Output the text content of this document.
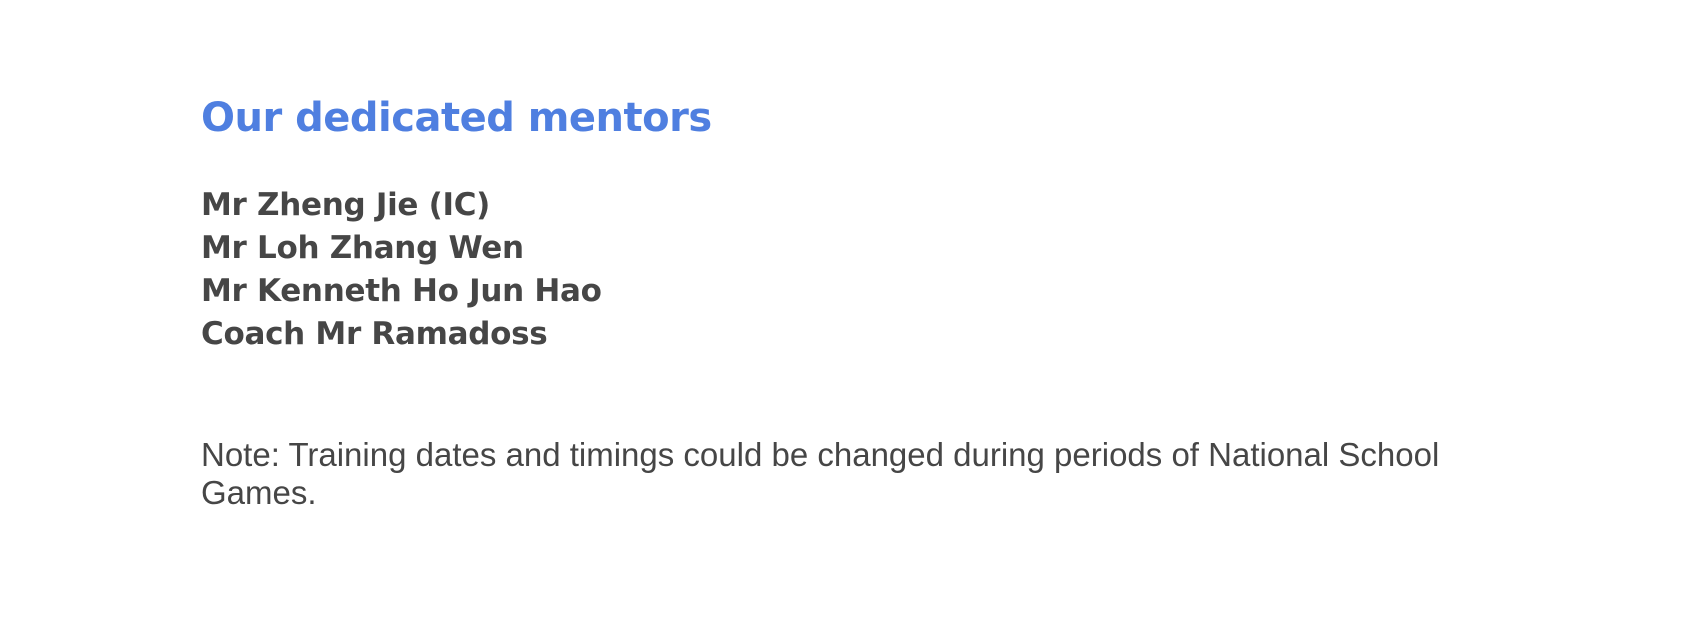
Our dedicated mentors
Mr Zheng Jie (IC)
Mr Loh Zhang Wen
Mr Kenneth Ho Jun Hao
Coach Mr Ramadoss

Note: Training dates and timings could be changed during periods of National School Games.
